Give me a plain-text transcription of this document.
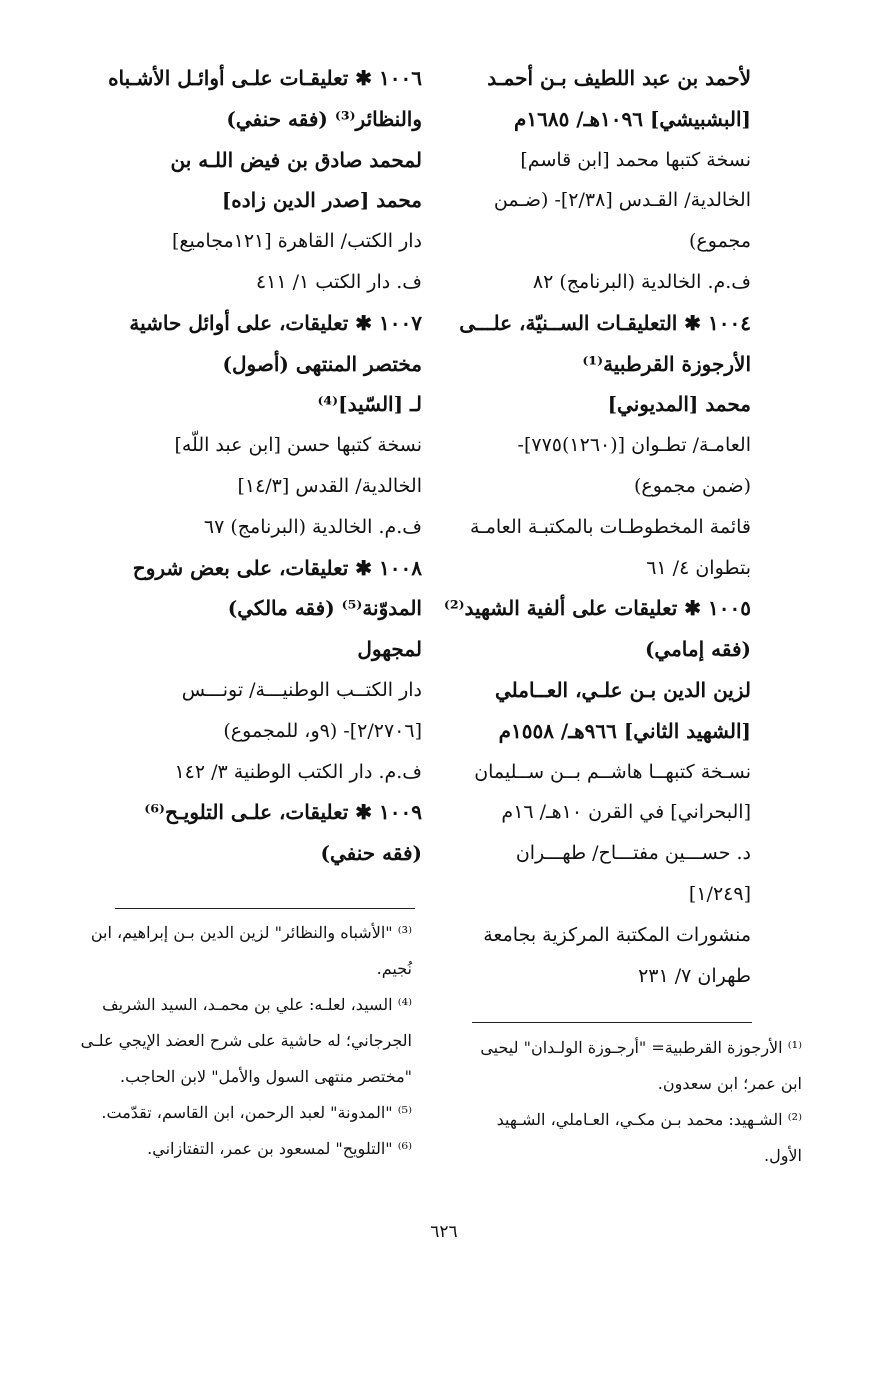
لأحمد بن عبد اللطيف بـن أحمـد
[البشبيشي] ١٠٩٦هـ/ ١٦٨٥م
نسخة كتبها محمد [ابن قاسم]
الخالدية/ القـدس [٢/٣٨]- (ضـمن
مجموع)
ف.م. الخالدية (البرنامج) ٨٢
١٠٠٤ ✱ التعليقـات الســنيّة، علـــى
الأرجوزة القرطبية⁽¹⁾
محمد [المديوني]
العامـة/ تطـوان [(١٢٦٠)٧٧٥]-
(ضمن مجموع)
قائمة المخطوطـات بالمكتبـة العامـة
بتطوان ٤/ ٦١
١٠٠٥ ✱ تعليقات على ألفية الشهيد⁽²⁾
(فقه إمامي)
لزين الدين بـن علـي، العــاملي
[الشهيد الثاني] ٩٦٦هـ/ ١٥٥٨م
نسـخة كتبهــا هاشــم بــن ســليمان
[البحراني] في القرن ١٠هـ/ ١٦م
د. حســـين مفتـــاح/ طهـــران
[١/٢٤٩]
منشورات المكتبة المركزية بجامعة
طهران ٧/ ٢٣١
١٠٠٦ ✱ تعليقـات علـى أوائـل الأشـباه
والنظائر⁽³⁾ (فقه حنفي)
لمحمد صادق بن فيض اللـه بن
محمد [صدر الدين زاده]
دار الكتب/ القاهرة [١٢١مجاميع]
ف. دار الكتب ١/ ٤١١
١٠٠٧ ✱ تعليقات، على أوائل حاشية
مختصر المنتهى (أصول)
لـ [السّيد]⁽⁴⁾
نسخة كتبها حسن [ابن عبد اللّه]
الخالدية/ القدس [١٤/٣]
ف.م. الخالدية (البرنامج) ٦٧
١٠٠٨ ✱ تعليقات، على بعض شروح
المدوّنة⁽⁵⁾ (فقه مالكي)
لمجهول
دار الكتــب الوطنيـــة/ تونـــس
[٢/٢٧٠٦]- (٩و، للمجموع)
ف.م. دار الكتب الوطنية ٣/ ١٤٢
١٠٠٩ ✱ تعليقات، علـى التلويـح⁽⁶⁾
(فقه حنفي)
⁽¹⁾ الأرجوزة القرطبية= "أرجـوزة الولـدان" ليحيى
ابن عمر؛ ابن سعدون.
⁽²⁾ الشـهيد: محمد بـن مكـي، العـاملي، الشـهيد
الأول.
⁽³⁾ "الأشباه والنظائر" لزين الدين بـن إبراهيم، ابن
نُجيم.
⁽⁴⁾ السيد، لعلـه: علي بن محمـد، السيد الشريف
الجرجاني؛ له حاشية على شرح العضد الإيجي علـى
"مختصر منتهى السول والأمل" لابن الحاجب.
⁽⁵⁾ "المدونة" لعبد الرحمن، ابن القاسم، تقدّمت.
⁽⁶⁾ "التلويح" لمسعود بن عمر، التفتازاني.
٦٢٦
